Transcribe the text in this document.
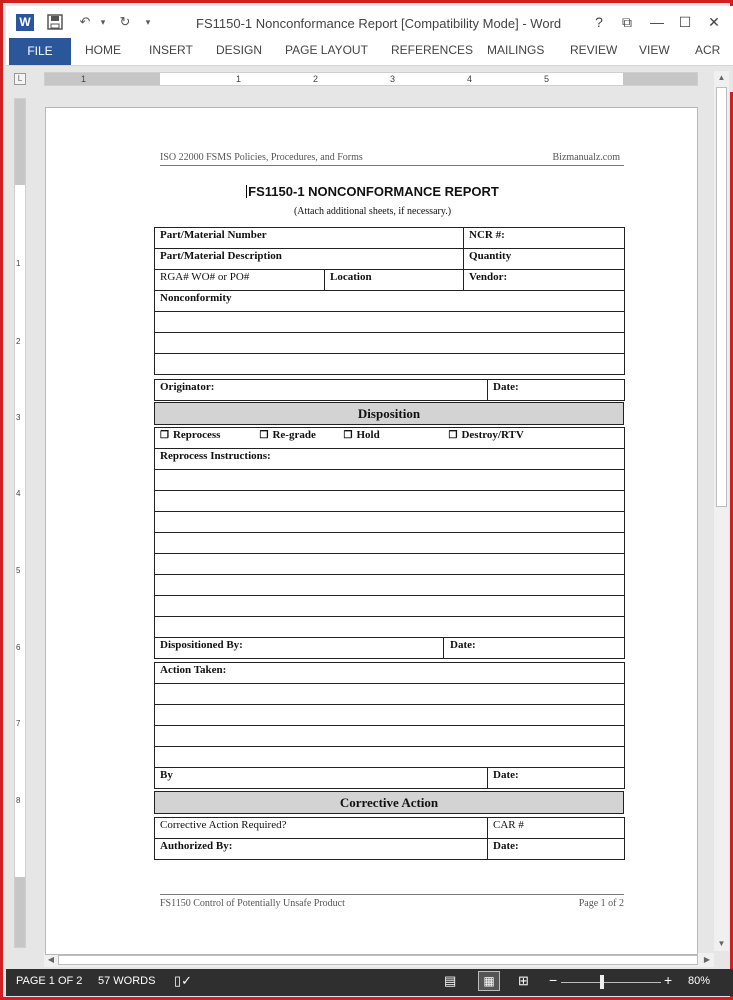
W	↶	▾	↻	▾	FS1150-1 Nonconformance Report [Compatibility Mode] - Word	?	⧉	—	☐	✕
FILE	HOME INSERT DESIGN PAGE LAYOUT REFERENCES MAILINGS REVIEW VIEW ACR
L	1	1	2	3	4	5
1
2
3
4
5
6
7
8
▲
▼
◀	▶
ISO 22000 FSMS Policies, Procedures, and Forms	Bizmanualz.com
FS1150-1 NONCONFORMANCE REPORT
(Attach additional sheets, if necessary.)
Part/Material Number		NCR #:
Part/Material Description		Quantity
RGA# WO# or PO#	Location	Vendor:
Nonconformity		

Originator:	Date:
Disposition
❒ Reprocess	❒ Re-grade	❒ Hold	❒ Destroy/RTV
Reprocess Instructions:			

Dispositioned By:			Date:
Action Taken:

By	Date:
Corrective Action
Corrective Action Required?	CAR #
Authorized By:	Date:
FS1150 Control of Potentially Unsafe Product	Page 1 of 2
PAGE 1 OF 2 57 WORDS ▯✓	▤	▦	⊞ −	+ 80%
